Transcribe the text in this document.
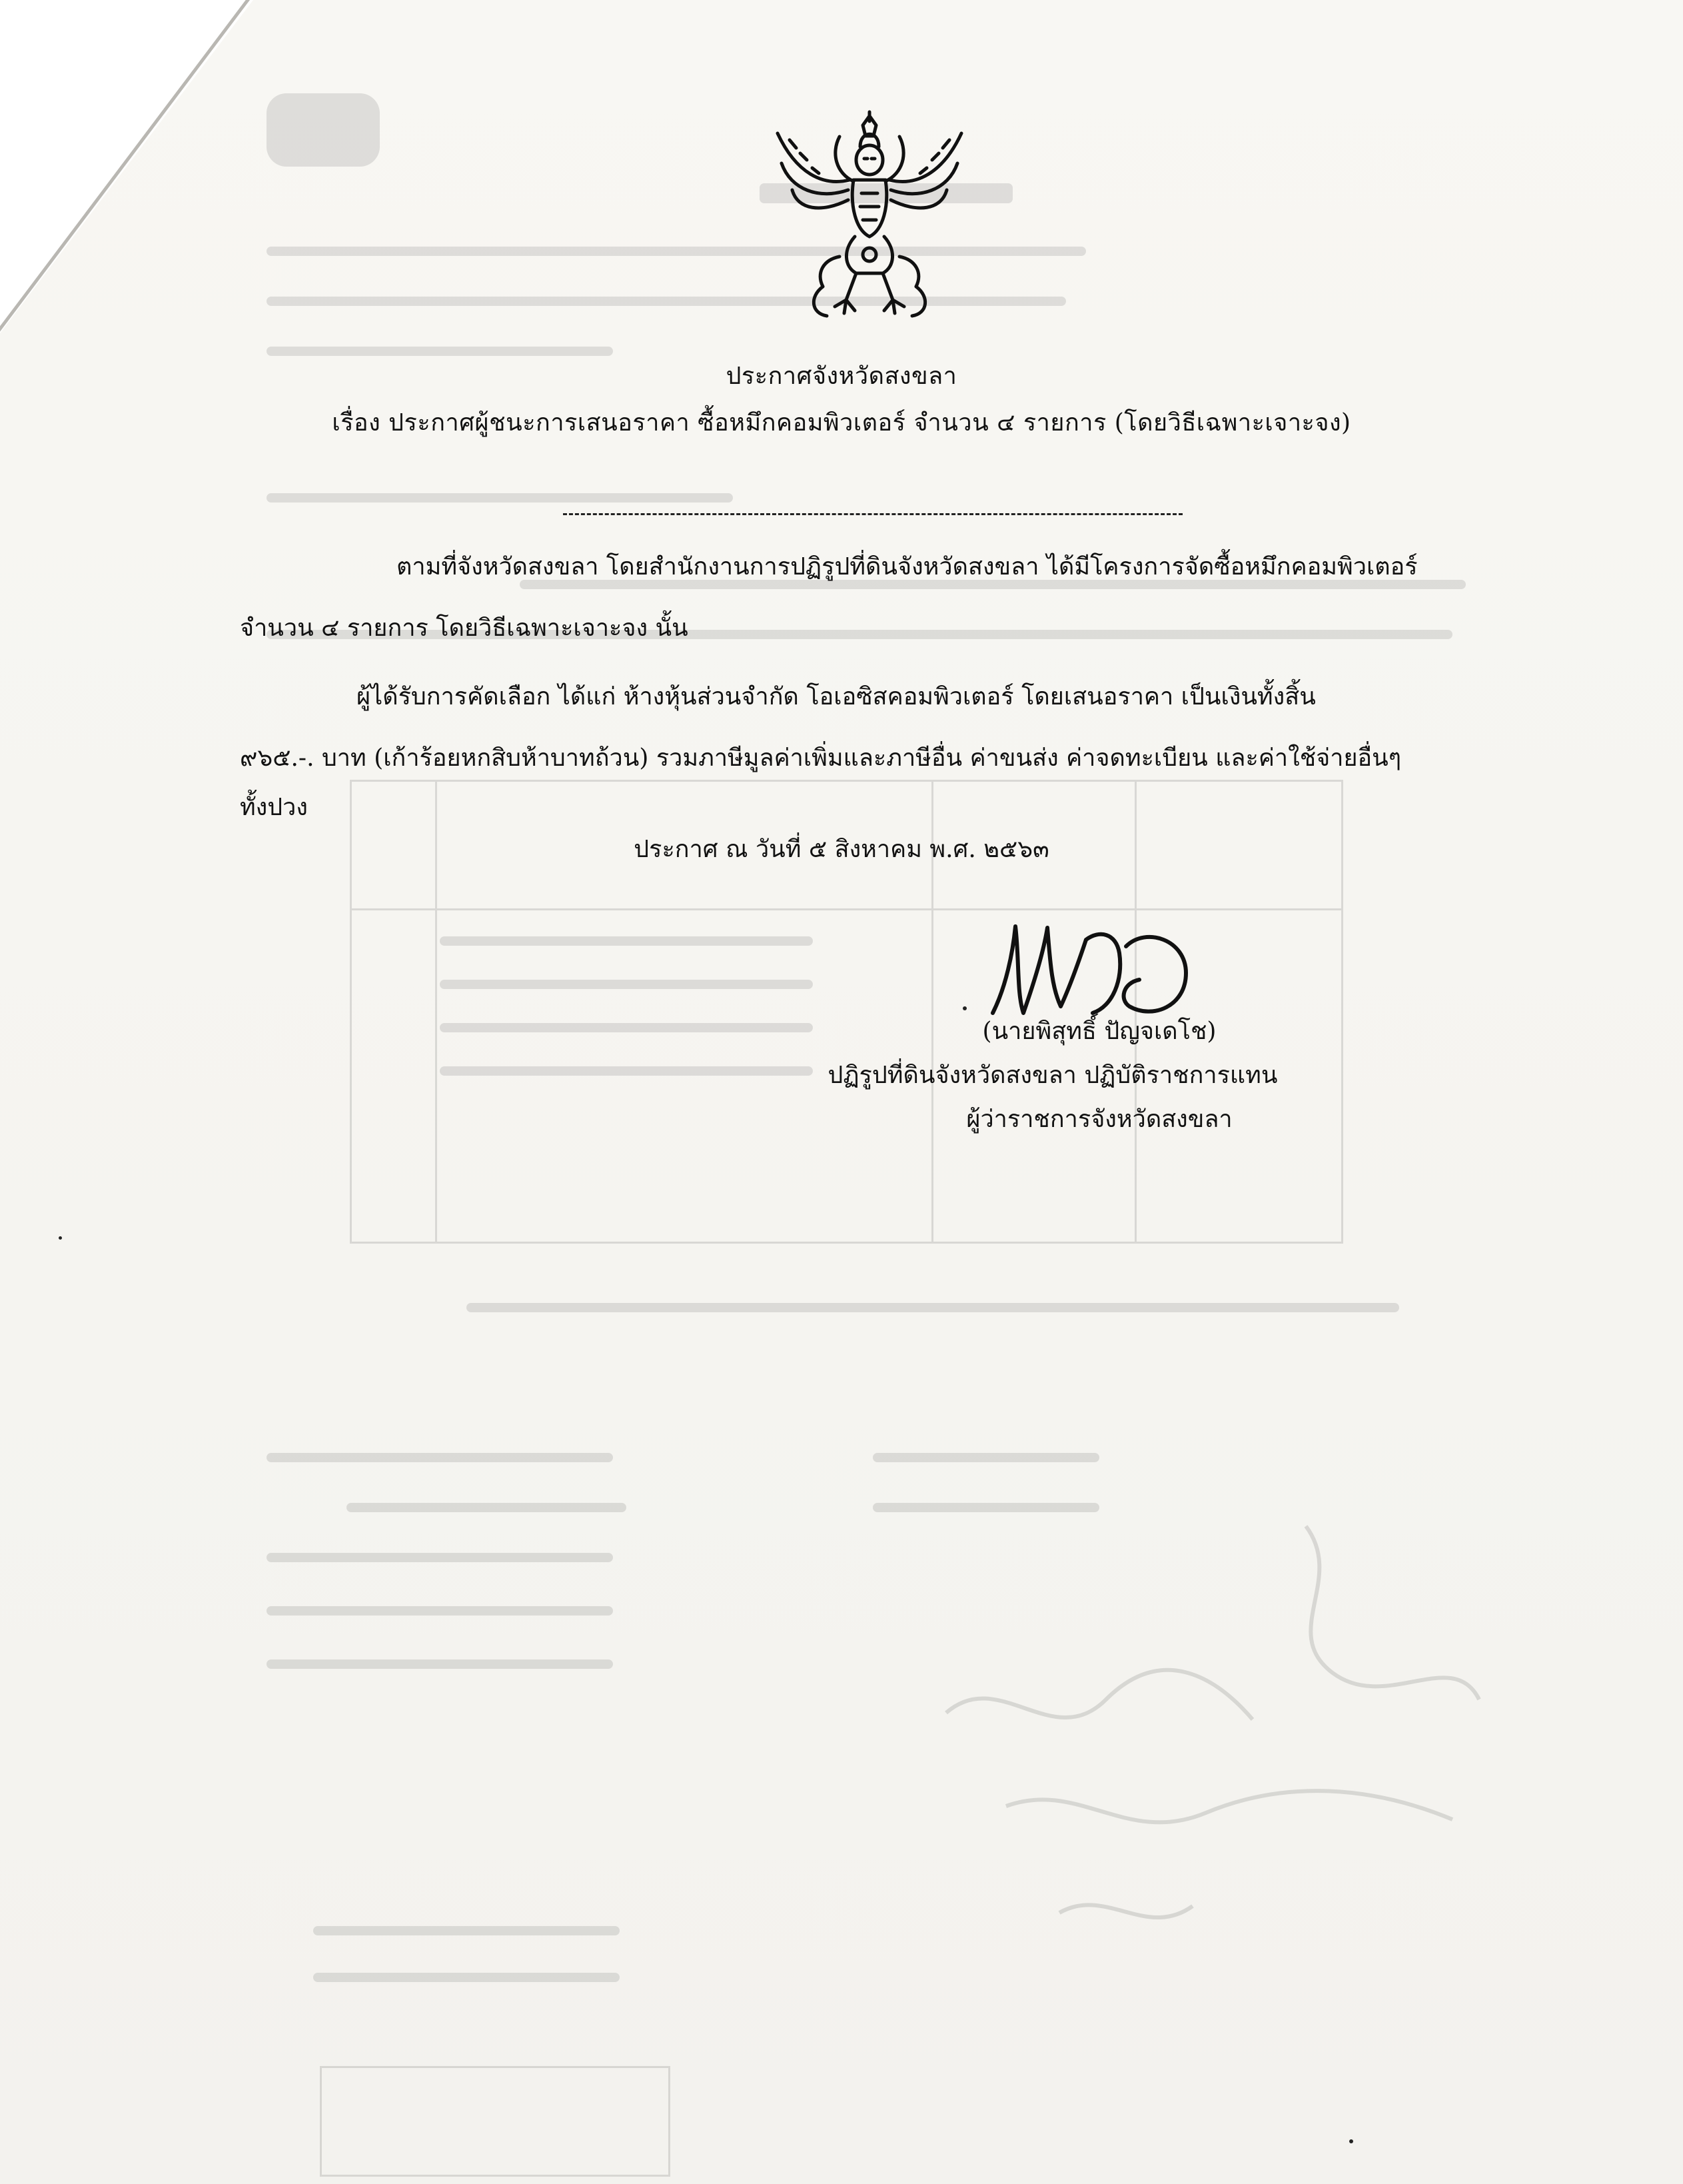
ประกาศจังหวัดสงขลา
เรื่อง ประกาศผู้ชนะการเสนอราคา ซื้อหมึกคอมพิวเตอร์ จำนวน ๔ รายการ (โดยวิธีเฉพาะเจาะจง)
ตามที่จังหวัดสงขลา โดยสำนักงานการปฏิรูปที่ดินจังหวัดสงขลา ได้มีโครงการจัดซื้อหมึกคอมพิวเตอร์
จำนวน ๔ รายการ โดยวิธีเฉพาะเจาะจง นั้น
ผู้ได้รับการคัดเลือก ได้แก่ ห้างหุ้นส่วนจำกัด โอเอซิสคอมพิวเตอร์ โดยเสนอราคา เป็นเงินทั้งสิ้น
๙๖๕.-. บาท (เก้าร้อยหกสิบห้าบาทถ้วน) รวมภาษีมูลค่าเพิ่มและภาษีอื่น ค่าขนส่ง ค่าจดทะเบียน และค่าใช้จ่ายอื่นๆ
ทั้งปวง
ประกาศ ณ วันที่ ๕ สิงหาคม พ.ศ. ๒๕๖๓
(นายพิสุทธิ์ ปัญจเดโช)
ปฏิรูปที่ดินจังหวัดสงขลา ปฏิบัติราชการแทน
ผู้ว่าราชการจังหวัดสงขลา
